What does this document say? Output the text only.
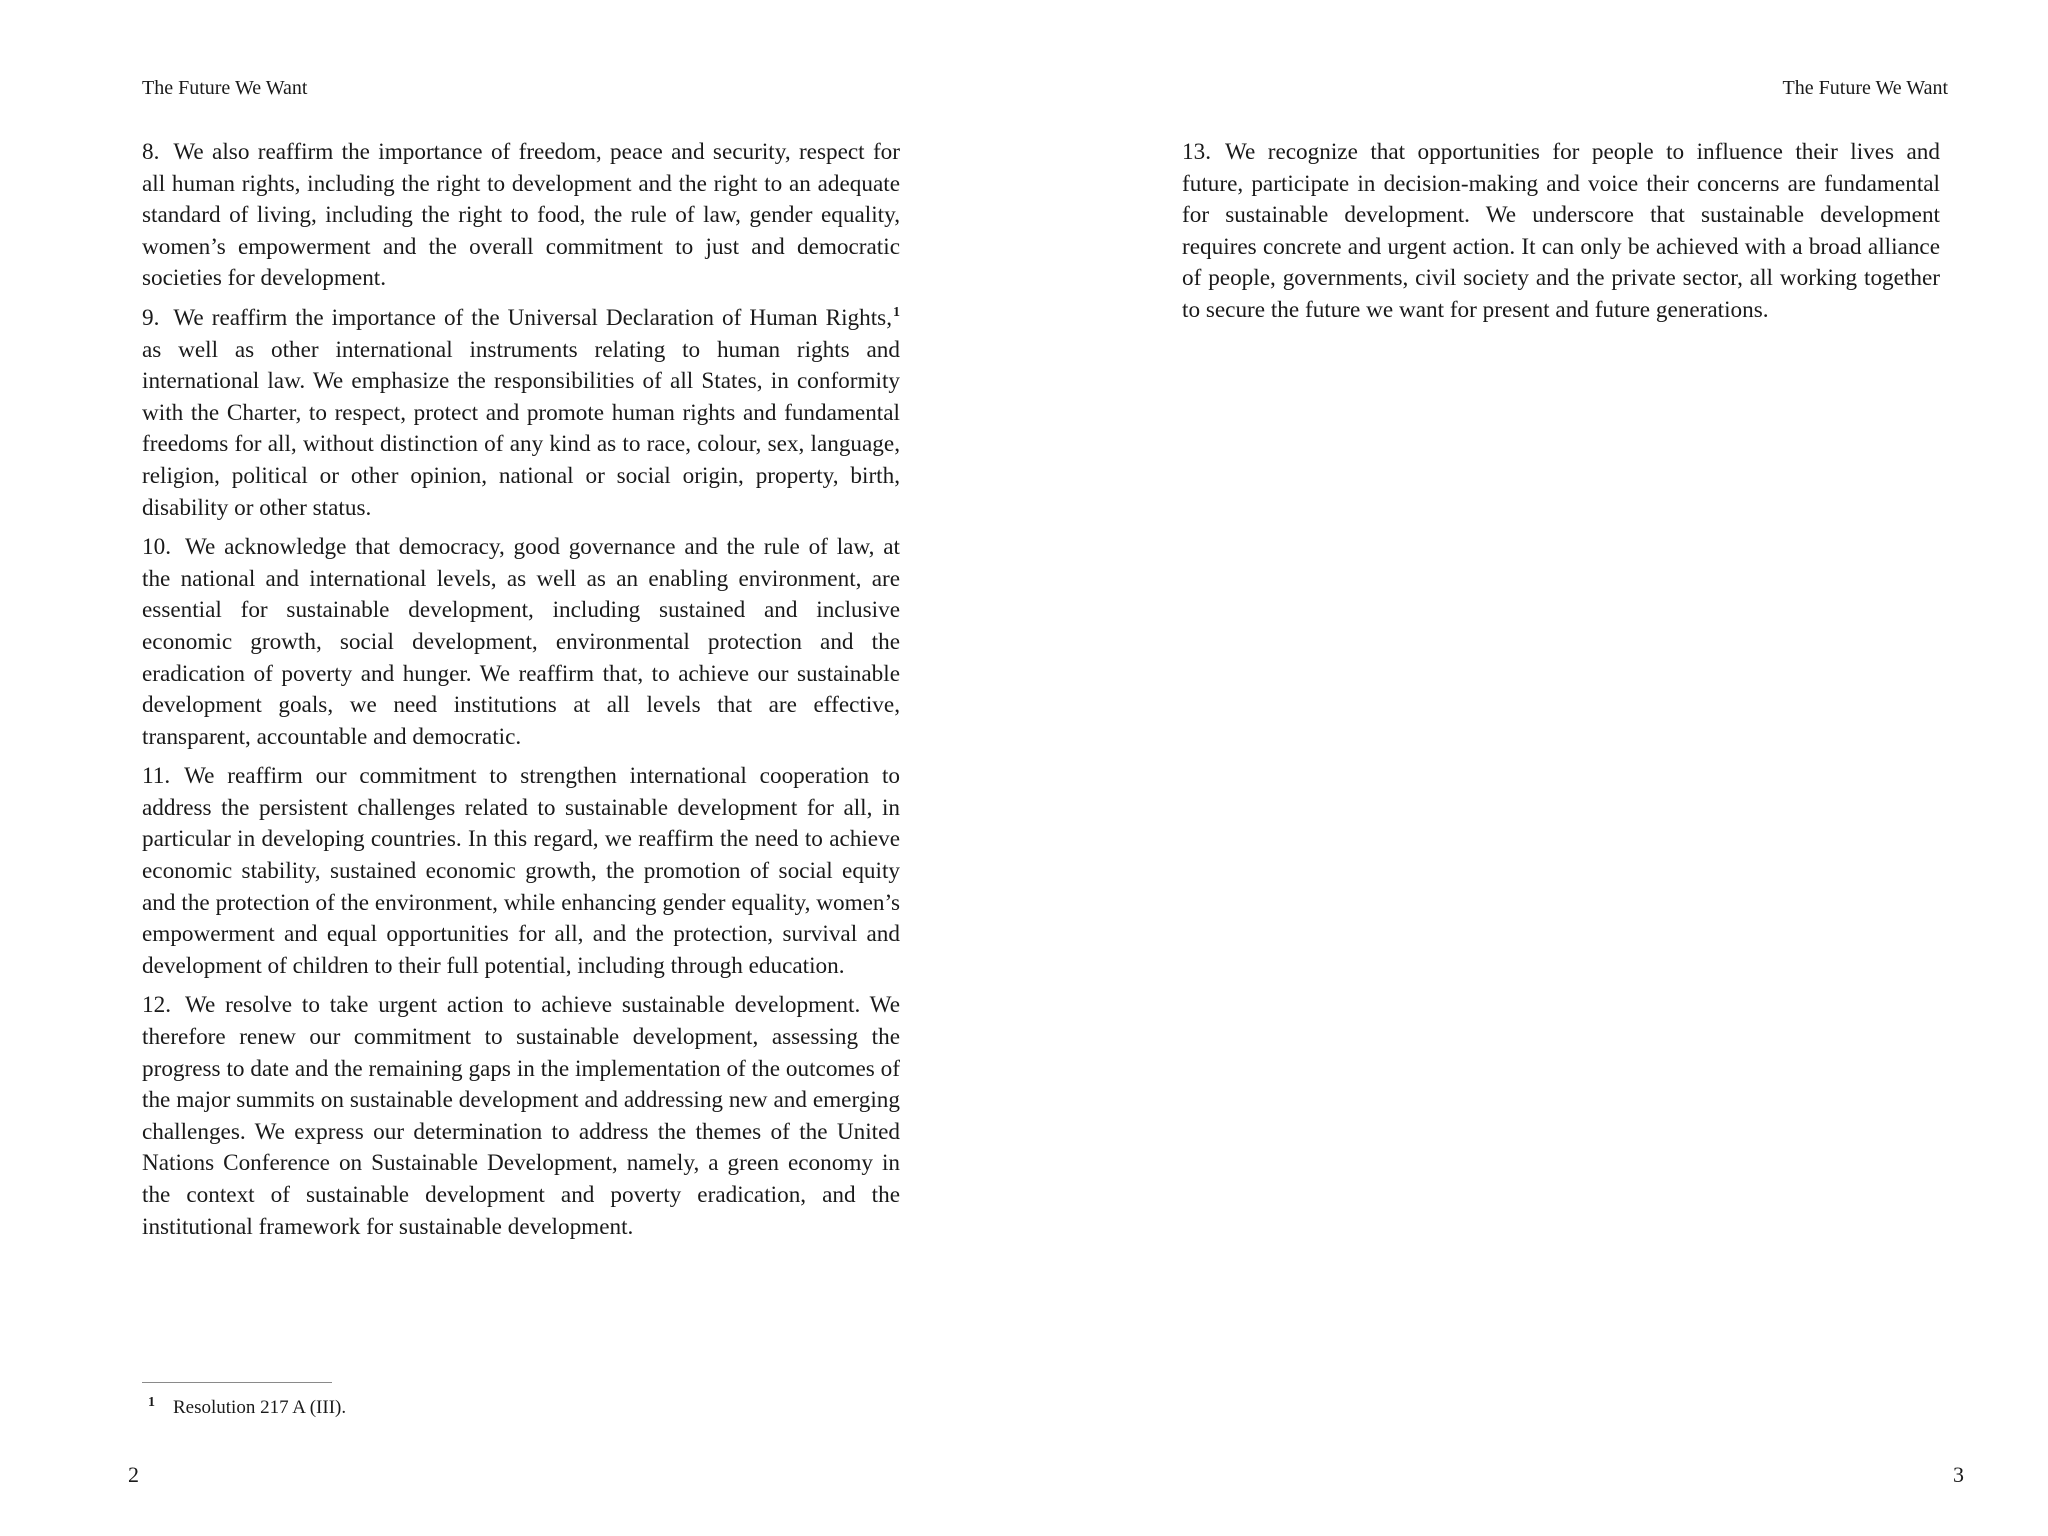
The Future We Want

8. We also reaffirm the importance of freedom, peace and security, respect for all human rights, including the right to development and the right to an adequate standard of living, including the right to food, the rule of law, gender equality, women’s empowerment and the overall commitment to just and democratic societies for development.

9. We reaffirm the importance of the Universal Declaration of Human Rights,$^1$ as well as other international instruments relating to human rights and international law. We emphasize the responsibilities of all States, in conformity with the Charter, to respect, protect and promote human rights and fundamental freedoms for all, without distinction of any kind as to race, colour, sex, language, religion, political or other opinion, national or social origin, property, birth, disability or other status.

10. We acknowledge that democracy, good governance and the rule of law, at the national and international levels, as well as an enabling environment, are essential for sustainable development, including sustained and inclusive economic growth, social development, environmental protection and the eradication of poverty and hunger. We reaffirm that, to achieve our sustainable development goals, we need institutions at all levels that are effective, transparent, accountable and democratic.

11. We reaffirm our commitment to strengthen international cooperation to address the persistent challenges related to sustainable development for all, in particular in developing countries. In this regard, we reaffirm the need to achieve economic stability, sustained economic growth, the promotion of social equity and the protection of the environment, while enhancing gender equality, women’s empowerment and equal opportunities for all, and the protection, survival and development of children to their full potential, including through education.

12. We resolve to take urgent action to achieve sustainable development. We therefore renew our commitment to sustainable development, assessing the progress to date and the remaining gaps in the implementation of the outcomes of the major summits on sustainable development and addressing new and emerging challenges. We express our determination to address the themes of the United Nations Conference on Sustainable Development, namely, a green economy in the context of sustainable development and poverty eradication, and the institutional framework for sustainable development.

1 Resolution 217 A (III).
2
The Future We Want

13. We recognize that opportunities for people to influence their lives and future, participate in decision-making and voice their concerns are fundamental for sustainable development. We underscore that sustainable development requires concrete and urgent action. It can only be achieved with a broad alliance of people, governments, civil society and the private sector, all working together to secure the future we want for present and future generations.

3
